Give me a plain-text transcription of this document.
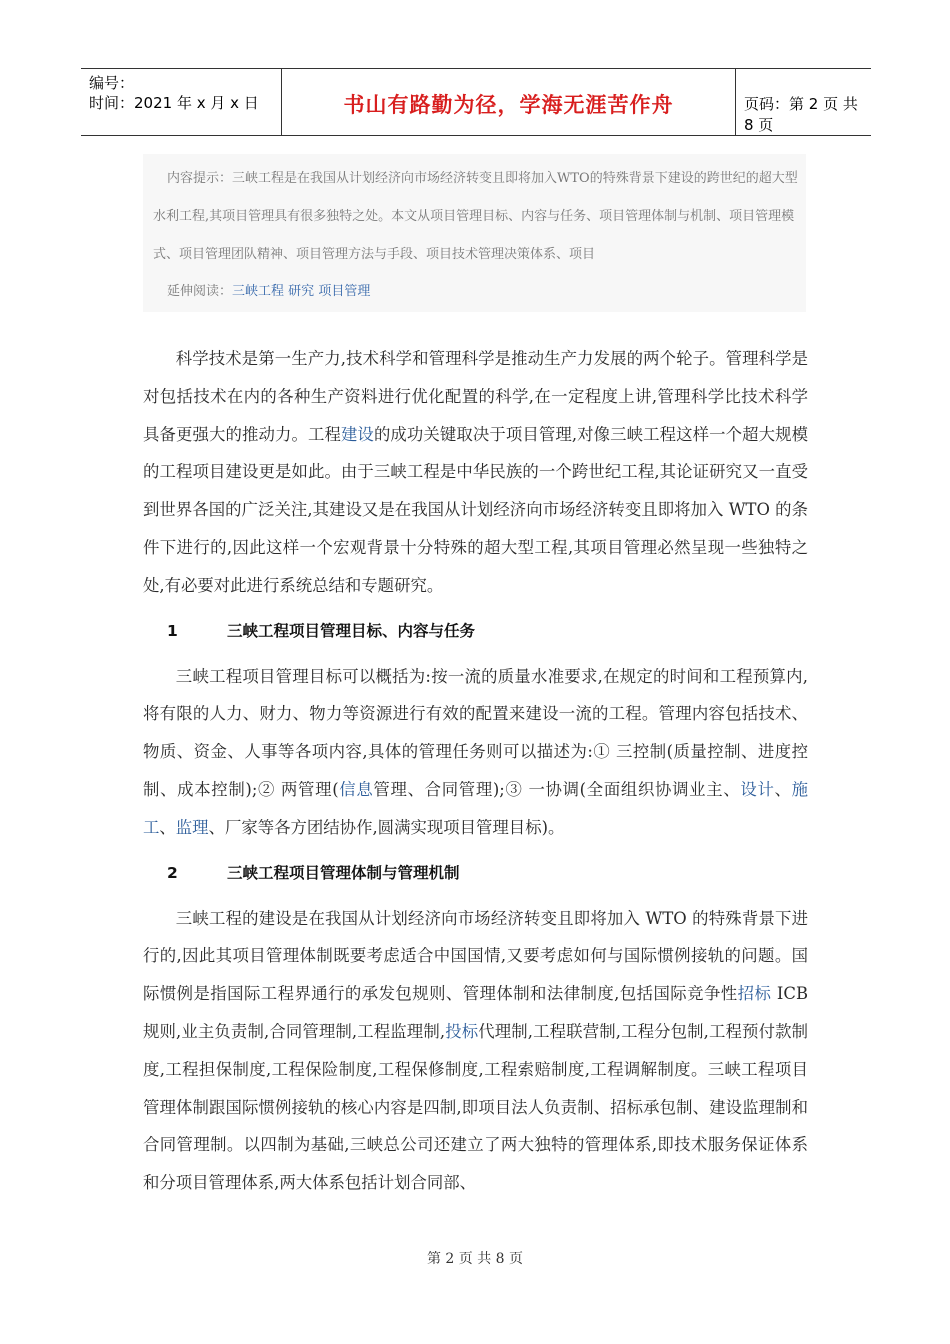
编号：
时间：2021 年 x 月 x 日	书山有路勤为径，学海无涯苦作舟	页码：第 2 页 共 8 页
内容提示：三峡工程是在我国从计划经济向市场经济转变且即将加入WTO的特殊背景下建设的跨世纪的超大型水利工程,其项目管理具有很多独特之处。本文从项目管理目标、内容与任务、项目管理体制与机制、项目管理模式、项目管理团队精神、项目管理方法与手段、项目技术管理决策体系、项目
延伸阅读：三峡工程 研究 项目管理

科学技术是第一生产力,技术科学和管理科学是推动生产力发展的两个轮子。管理科学是对包括技术在内的各种生产资料进行优化配置的科学,在一定程度上讲,管理科学比技术科学具备更强大的推动力。工程建设的成功关键取决于项目管理,对像三峡工程这样一个超大规模的工程项目建设更是如此。由于三峡工程是中华民族的一个跨世纪工程,其论证研究又一直受到世界各国的广泛关注,其建设又是在我国从计划经济向市场经济转变且即将加入 WTO 的条件下进行的,因此这样一个宏观背景十分特殊的超大型工程,其项目管理必然呈现一些独特之处,有必要对此进行系统总结和专题研究。

1	三峡工程项目管理目标、内容与任务

三峡工程项目管理目标可以概括为:按一流的质量水准要求,在规定的时间和工程预算内,将有限的人力、财力、物力等资源进行有效的配置来建设一流的工程。管理内容包括技术、物质、资金、人事等各项内容,具体的管理任务则可以描述为:① 三控制(质量控制、进度控制、成本控制);② 两管理(信息管理、合同管理);③ 一协调(全面组织协调业主、设计、施工、监理、厂家等各方团结协作,圆满实现项目管理目标)。

2	三峡工程项目管理体制与管理机制

三峡工程的建设是在我国从计划经济向市场经济转变且即将加入 WTO 的特殊背景下进行的,因此其项目管理体制既要考虑适合中国国情,又要考虑如何与国际惯例接轨的问题。国际惯例是指国际工程界通行的承发包规则、管理体制和法律制度,包括国际竞争性招标 ICB 规则,业主负责制,合同管理制,工程监理制,投标代理制,工程联营制,工程分包制,工程预付款制度,工程担保制度,工程保险制度,工程保修制度,工程索赔制度,工程调解制度。三峡工程项目管理体制跟国际惯例接轨的核心内容是四制,即项目法人负责制、招标承包制、建设监理制和合同管理制。以四制为基础,三峡总公司还建立了两大独特的管理体系,即技术服务保证体系和分项目管理体系,两大体系包括计划合同部、

第 2 页 共 8 页
